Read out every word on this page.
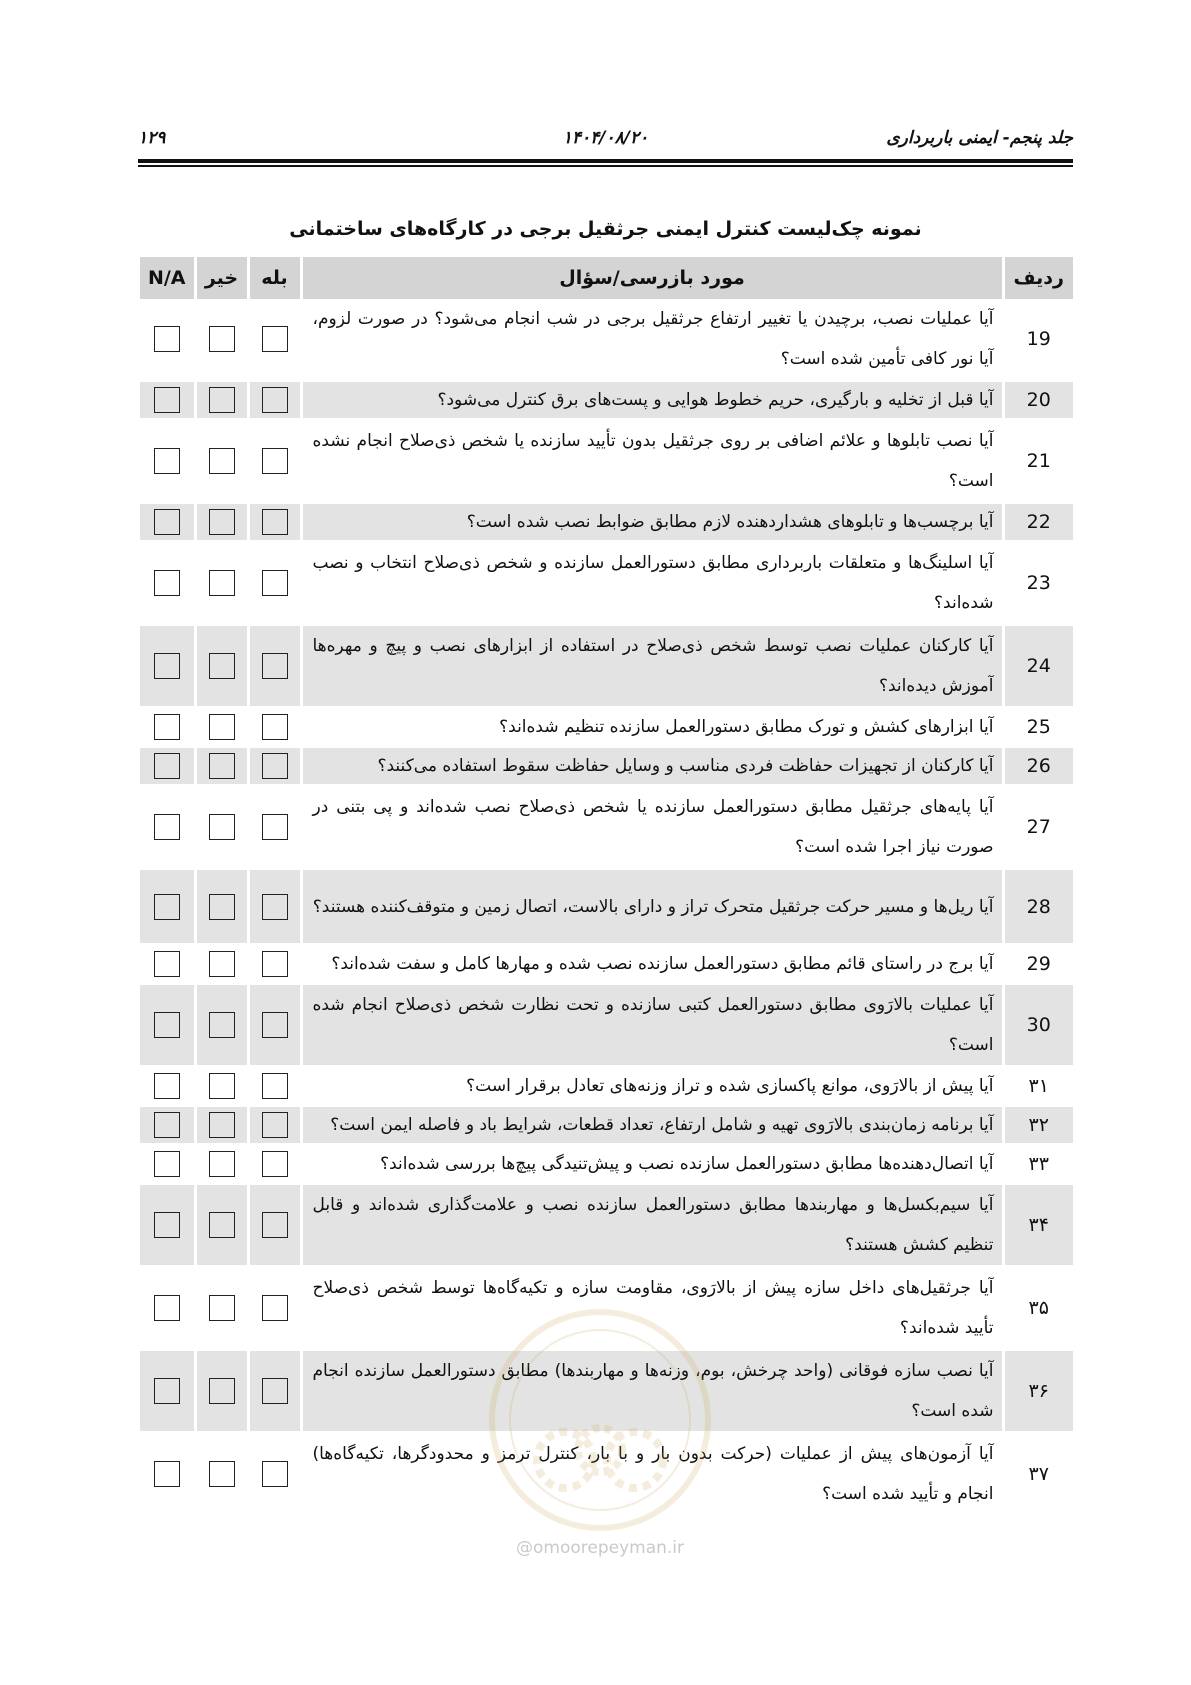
جلد پنجم- ایمنی باربرداری
۱۴۰۴/۰۸/۲۰
۱۲۹
نمونه چک‌لیست کنترل ایمنی جرثقیل برجی در کارگاه‌های ساختمانی
ردیف	مورد بازرسی/سؤال	بله	خیر	N/A
19	آیا عملیات نصب، برچیدن یا تغییر ارتفاع جرثقیل برجی در شب انجام می‌شود؟ در صورت لزوم، آیا نور کافی تأمین شده است؟			
20	آیا قبل از تخلیه و بارگیری، حریم خطوط هوایی و پست‌های برق کنترل می‌شود؟			
21	آیا نصب تابلوها و علائم اضافی بر روی جرثقیل بدون تأیید سازنده یا شخص ذی‌صلاح انجام نشده است؟			
22	آیا برچسب‌ها و تابلوهای هشداردهنده لازم مطابق ضوابط نصب شده است؟			
23	آیا اسلینگ‌ها و متعلقات باربرداری مطابق دستورالعمل سازنده و شخص ذی‌صلاح انتخاب و نصب شده‌اند؟			
24	آیا کارکنان عملیات نصب توسط شخص ذی‌صلاح در استفاده از ابزارهای نصب و پیچ و مهره‌ها آموزش دیده‌اند؟			
25	آیا ابزارهای کشش و تورک مطابق دستورالعمل سازنده تنظیم شده‌اند؟			
26	آیا کارکنان از تجهیزات حفاظت فردی مناسب و وسایل حفاظت سقوط استفاده می‌کنند؟			
27	آیا پایه‌های جرثقیل مطابق دستورالعمل سازنده یا شخص ذی‌صلاح نصب شده‌اند و پی بتنی در صورت نیاز اجرا شده است؟			
28	آیا ریل‌ها و مسیر حرکت جرثقیل متحرک تراز و دارای بالاست، اتصال زمین و متوقف‌کننده هستند؟			
29	آیا برج در راستای قائم مطابق دستورالعمل سازنده نصب شده و مهارها کامل و سفت شده‌اند؟			
30	آیا عملیات بالارَوی مطابق دستورالعمل کتبی سازنده و تحت نظارت شخص ذی‌صلاح انجام شده است؟			
۳۱	آیا پیش از بالارَوی، موانع پاکسازی شده و تراز وزنه‌های تعادل برقرار است؟			
۳۲	آیا برنامه زمان‌بندی بالارَوی تهیه و شامل ارتفاع، تعداد قطعات، شرایط باد و فاصله ایمن است؟			
۳۳	آیا اتصال‌دهنده‌ها مطابق دستورالعمل سازنده نصب و پیش‌تنیدگی پیچ‌ها بررسی شده‌اند؟			
۳۴	آیا سیم‌بکسل‌ها و مهاربندها مطابق دستورالعمل سازنده نصب و علامت‌گذاری شده‌اند و قابل تنظیم کشش هستند؟			
۳۵	آیا جرثقیل‌های داخل سازه پیش از بالارَوی، مقاومت سازه و تکیه‌گاه‌ها توسط شخص ذی‌صلاح تأیید شده‌اند؟			
۳۶	آیا نصب سازه فوقانی (واحد چرخش، بوم، وزنه‌ها و مهاربندها) مطابق دستورالعمل سازنده انجام شده است؟			
۳۷	آیا آزمون‌های پیش از عملیات (حرکت بدون بار و با بار، کنترل ترمز و محدودگرها، تکیه‌گاه‌ها) انجام و تأیید شده است؟			
@omoorepeyman.ir
